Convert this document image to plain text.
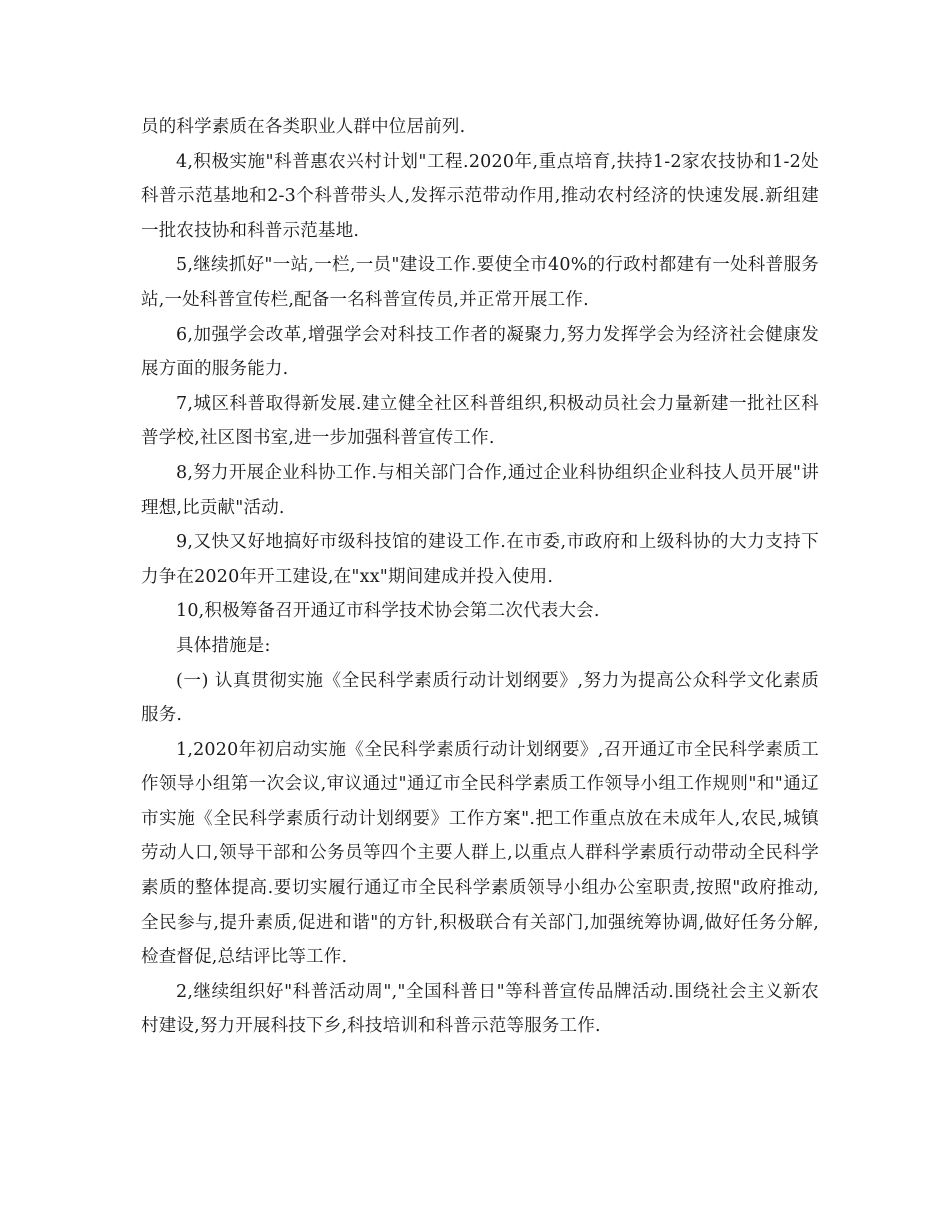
员的科学素质在各类职业人群中位居前列.

4,积极实施"科普惠农兴村计划"工程.2020年,重点培育,扶持1-2家农技协和1-2处科普示范基地和2-3个科普带头人,发挥示范带动作用,推动农村经济的快速发展.新组建一批农技协和科普示范基地.

5,继续抓好"一站,一栏,一员"建设工作.要使全市40%的行政村都建有一处科普服务站,一处科普宣传栏,配备一名科普宣传员,并正常开展工作.

6,加强学会改革,增强学会对科技工作者的凝聚力,努力发挥学会为经济社会健康发展方面的服务能力.

7,城区科普取得新发展.建立健全社区科普组织,积极动员社会力量新建一批社区科普学校,社区图书室,进一步加强科普宣传工作.

8,努力开展企业科协工作.与相关部门合作,通过企业科协组织企业科技人员开展"讲理想,比贡献"活动.

9,又快又好地搞好市级科技馆的建设工作.在市委,市政府和上级科协的大力支持下力争在2020年开工建设,在"xx"期间建成并投入使用.

10,积极筹备召开通辽市科学技术协会第二次代表大会.

具体措施是:

(一) 认真贯彻实施《全民科学素质行动计划纲要》,努力为提高公众科学文化素质服务.

1,2020年初启动实施《全民科学素质行动计划纲要》,召开通辽市全民科学素质工作领导小组第一次会议,审议通过"通辽市全民科学素质工作领导小组工作规则"和"通辽市实施《全民科学素质行动计划纲要》工作方案".把工作重点放在未成年人,农民,城镇劳动人口,领导干部和公务员等四个主要人群上,以重点人群科学素质行动带动全民科学素质的整体提高.要切实履行通辽市全民科学素质领导小组办公室职责,按照"政府推动,全民参与,提升素质,促进和谐"的方针,积极联合有关部门,加强统筹协调,做好任务分解,检查督促,总结评比等工作.

2,继续组织好"科普活动周","全国科普日"等科普宣传品牌活动.围绕社会主义新农村建设,努力开展科技下乡,科技培训和科普示范等服务工作.
